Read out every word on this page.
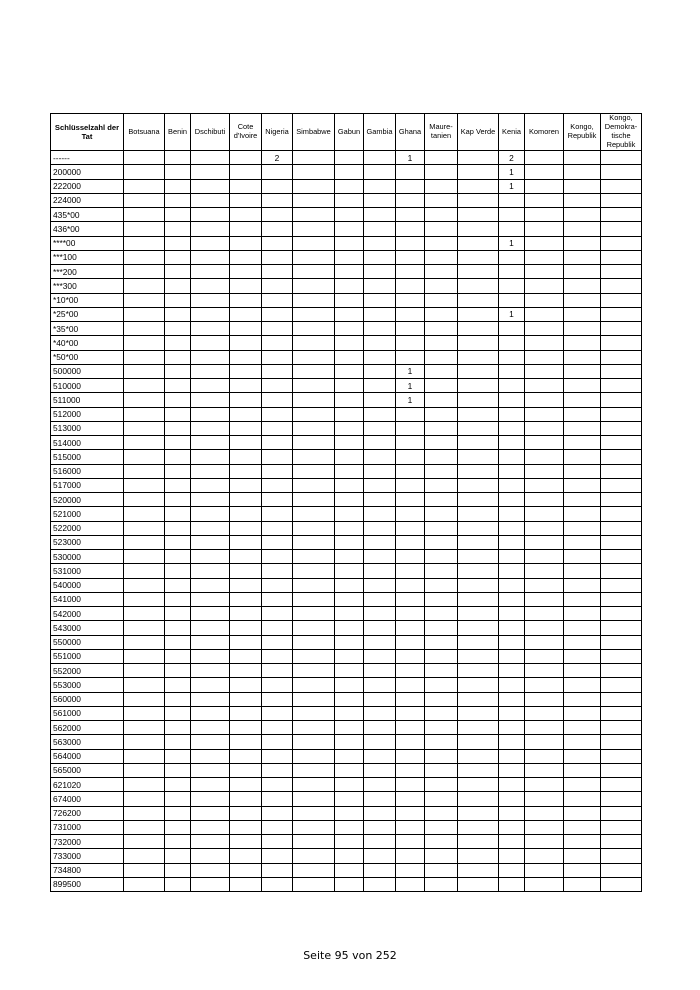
Schlüsselzahl der Tat	Botsuana	Benin	Dschibuti	Cote
d'Ivoire	Nigeria	Simbabwe	Gabun	Gambia	Ghana	Maure-
tanien	Kap Verde	Kenia	Komoren	Kongo,
Republik	Kongo,
Demokra-
tische
Republik
------					2				1			2			
200000												1			
222000												1			
224000															
435*00															
436*00															
****00												1			
***100															
***200															
***300															
*10*00															
*25*00												1			
*35*00															
*40*00															
*50*00															
500000									1						
510000									1						
511000									1						
512000															
513000															
514000															
515000															
516000															
517000															
520000															
521000															
522000															
523000															
530000															
531000															
540000															
541000															
542000															
543000															
550000															
551000															
552000															
553000															
560000															
561000															
562000															
563000															
564000															
565000															
621020															
674000															
726200															
731000															
732000															
733000															
734800															
899500															
Seite 95 von 252
